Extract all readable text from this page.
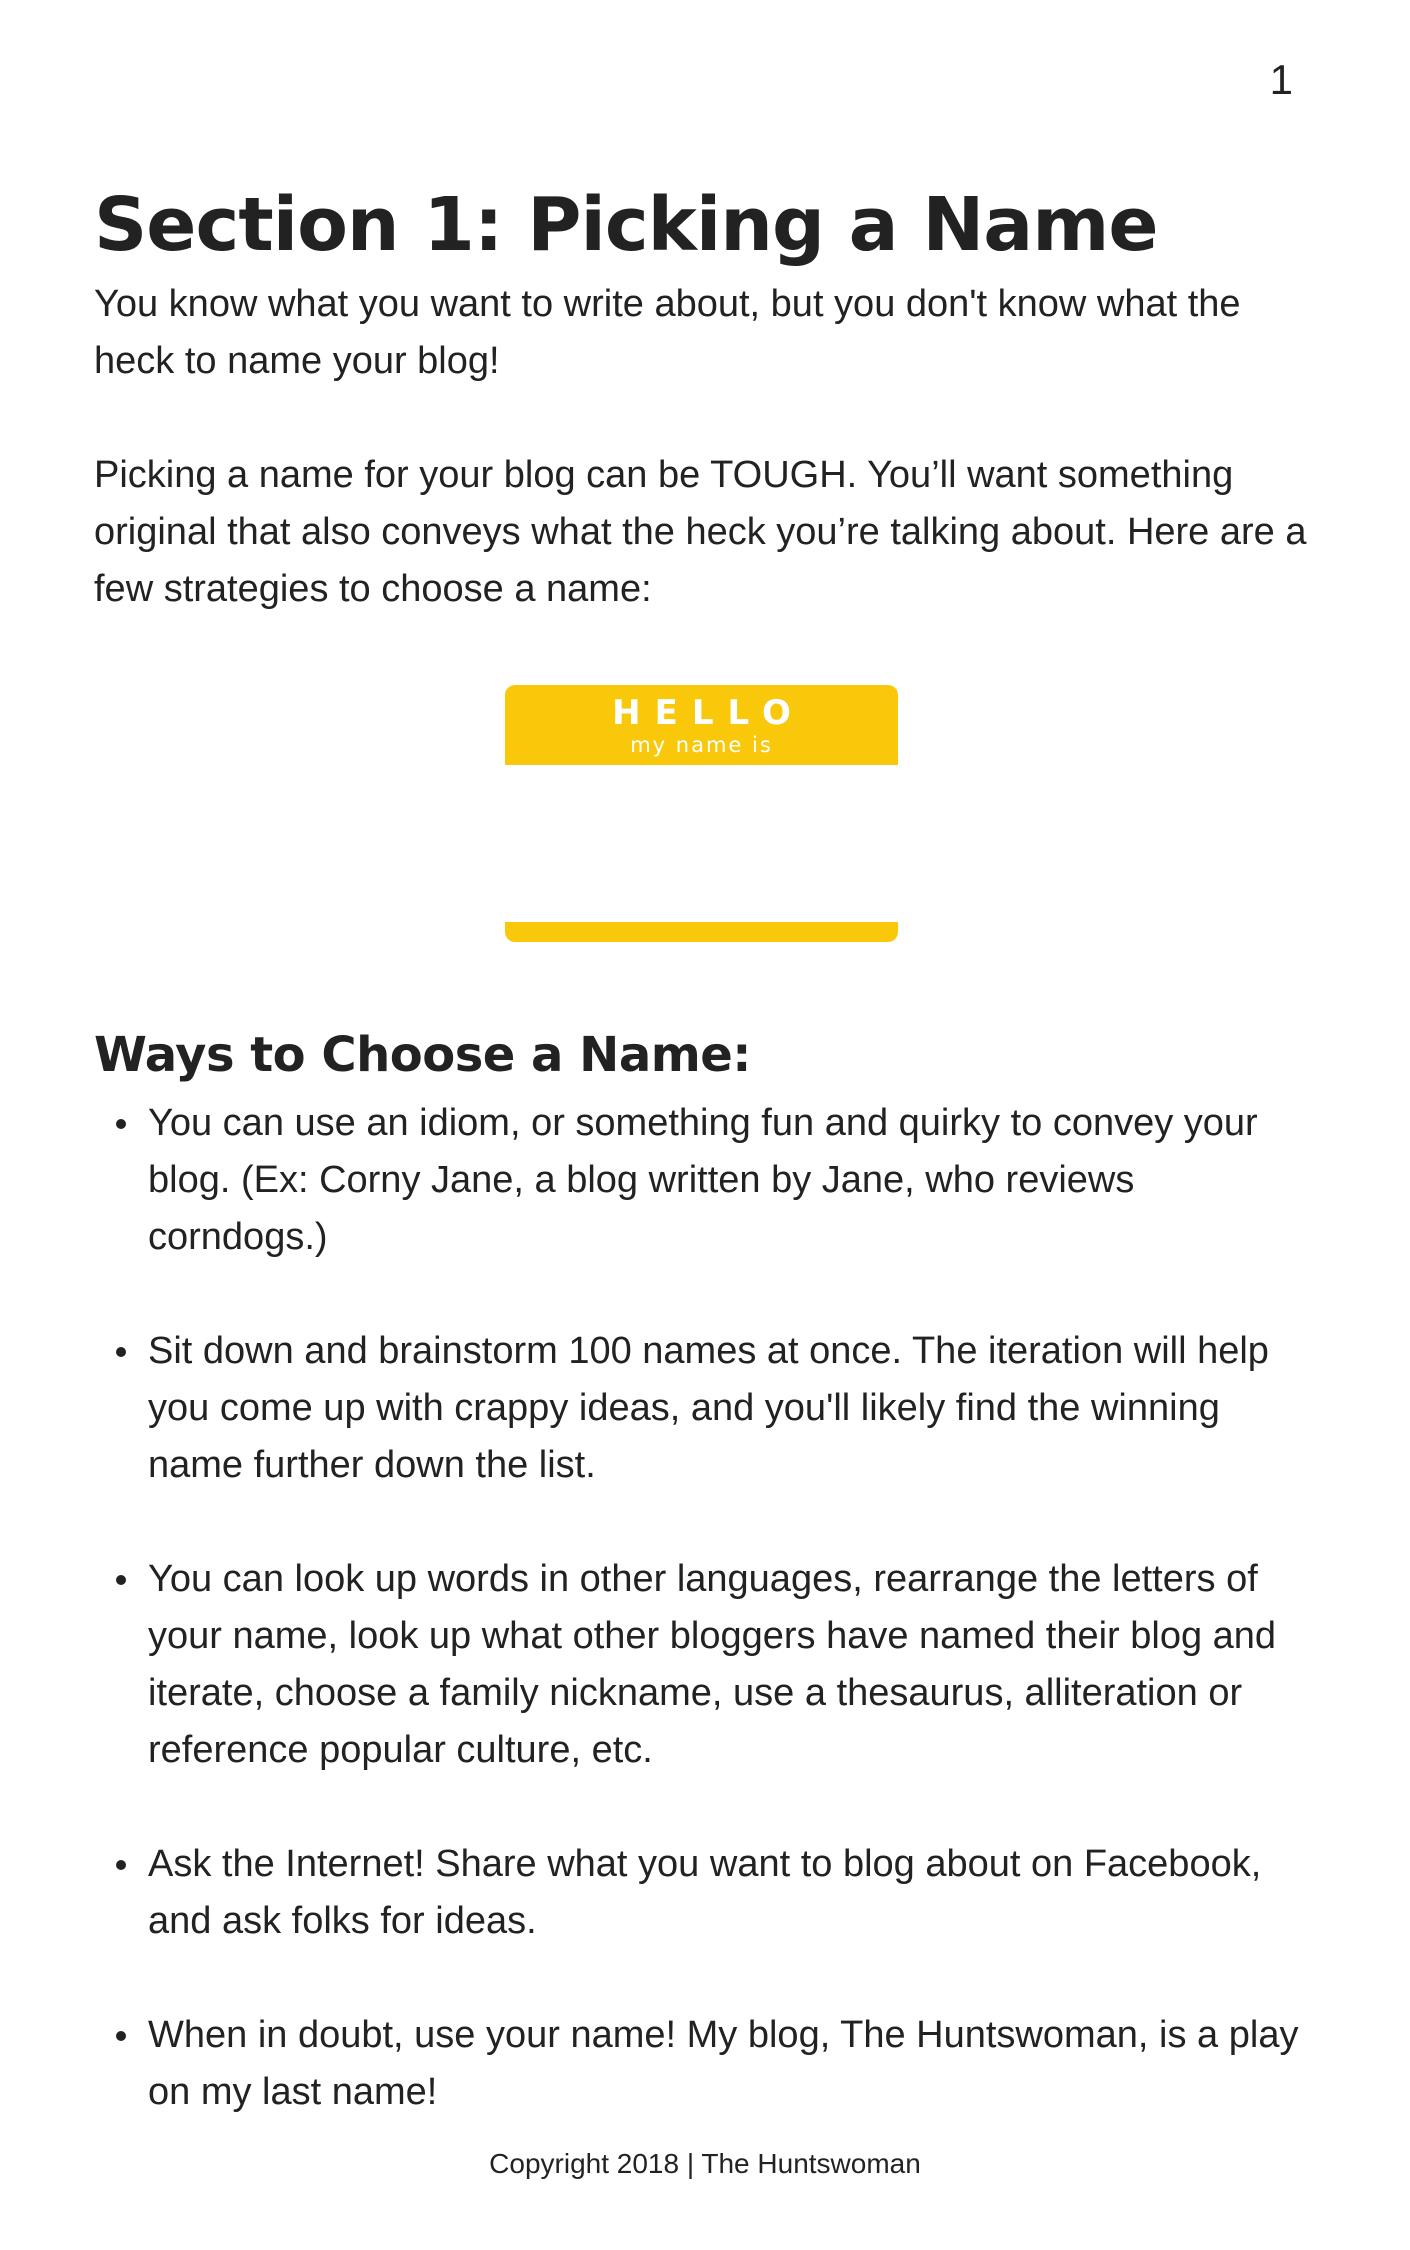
1
Section 1: Picking a Name

You know what you want to write about, but you don't know what the heck to name your blog!

Picking a name for your blog can be TOUGH. You’ll want something original that also conveys what the heck you’re talking about. Here are a few strategies to choose a name:

HELLO
my name is
Ways to Choose a Name:
You can use an idiom, or something fun and quirky to convey your blog. (Ex: Corny Jane, a blog written by Jane, who reviews corndogs.)
Sit down and brainstorm 100 names at once. The iteration will help you come up with crappy ideas, and you'll likely find the winning name further down the list.
You can look up words in other languages, rearrange the letters of your name, look up what other bloggers have named their blog and iterate, choose a family nickname, use a thesaurus, alliteration or reference popular culture, etc.
Ask the Internet! Share what you want to blog about on Facebook, and ask folks for ideas.
When in doubt, use your name! My blog, The Huntswoman, is a play on my last name!
Copyright 2018 | The Huntswoman
